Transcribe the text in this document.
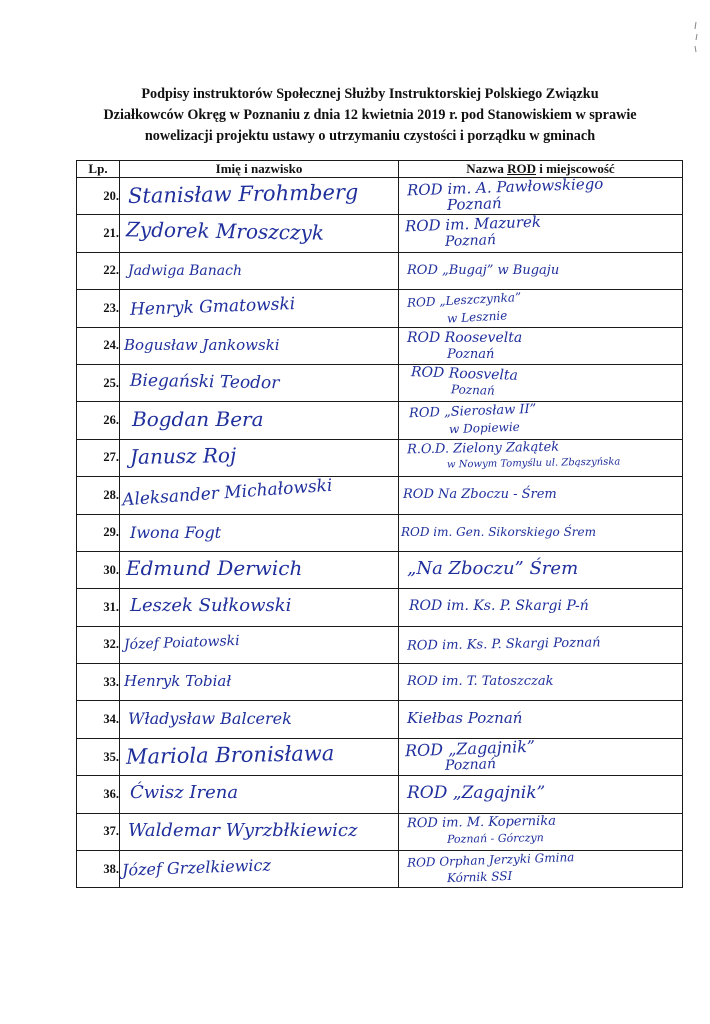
Podpisy instruktorów Społecznej Służby Instruktorskiej Polskiego Związku
Działkowców Okręg w Poznaniu z dnia 12 kwietnia 2019 r. pod Stanowiskiem w sprawie
nowelizacji projektu ustawy o utrzymaniu czystości i porządku w gminach
Lp.	Imię i nazwisko	Nazwa ROD i miejscowość
20.	Stanisław Frohmberg	ROD im. A. Pawłowskiego
Poznań

21.	Zydorek Mroszczyk	ROD im. Mazurek
Poznań

22.	Jadwiga Banach	ROD „Bugaj” w Bugaju

23.	Henryk Gmatowski	ROD „Leszczynka”
w Lesznie

24.	Bogusław Jankowski	ROD Roosevelta
Poznań

25.	Biegański Teodor	ROD Roosvelta
Poznań

26.	Bogdan Bera	ROD „Sierosław II”
w Dopiewie

27.	Janusz Roj	R.O.D. Zielony Zakątek
w Nowym Tomyślu ul. Zbąszyńska

28.	Aleksander Michałowski	ROD Na Zboczu - Śrem

29.	Iwona Fogt	ROD im. Gen. Sikorskiego Śrem

30.	Edmund Derwich	„Na Zboczu” Śrem

31.	Leszek Sułkowski	ROD im. Ks. P. Skargi P-ń

32.	Józef Poiatowski	ROD im. Ks. P. Skargi Poznań

33.	Henryk Tobiał	ROD im. T. Tatoszczak

34.	Władysław Balcerek	Kiełbas Poznań

35.	Mariola Bronisława	ROD „Zagajnik”
Poznań

36.	Ćwisz Irena	ROD „Zagajnik”

37.	Waldemar Wyrzbłkiewicz	ROD im. M. Kopernika
Poznań - Górczyn

38.	Józef Grzelkiewicz	ROD Orphan Jerzyki Gmina
Kórnik SSI
